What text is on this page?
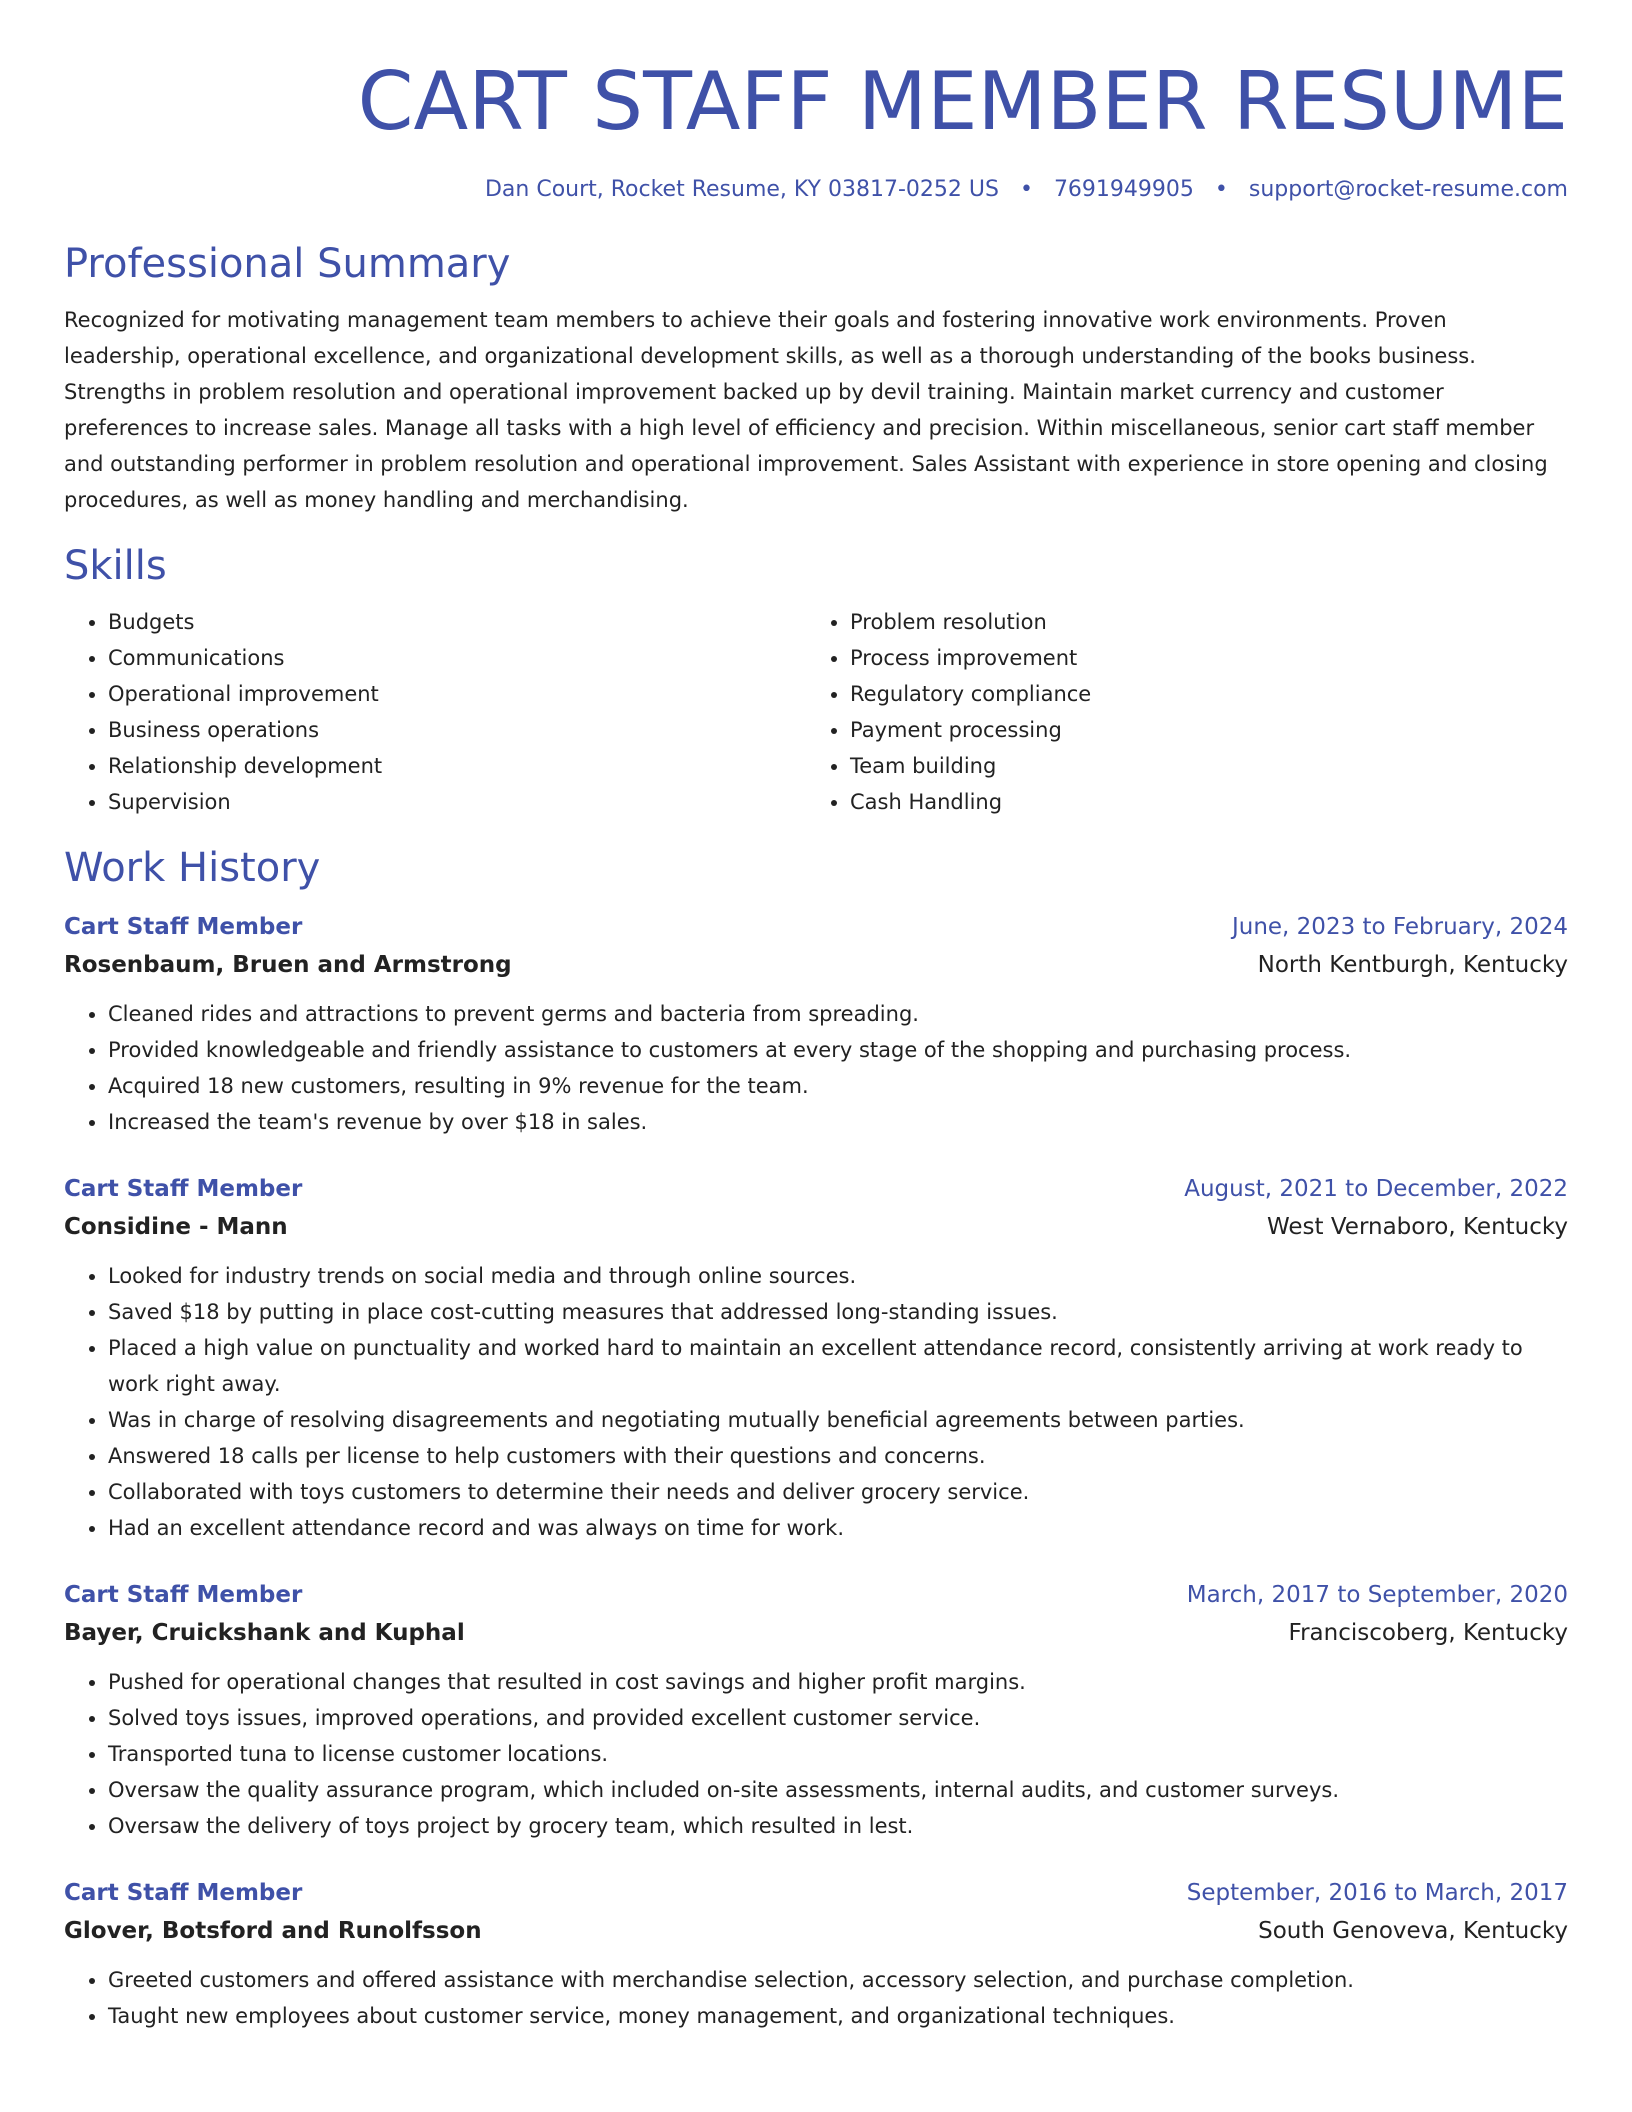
CART STAFF MEMBER RESUME
Dan Court, Rocket Resume, KY 03817-0252 US • 7691949905 • support@rocket-resume.com
Professional Summary

Recognized for motivating management team members to achieve their goals and fostering innovative work environments. Proven leadership, operational excellence, and organizational development skills, as well as a thorough understanding of the books business. Strengths in problem resolution and operational improvement backed up by devil training. Maintain market currency and customer preferences to increase sales. Manage all tasks with a high level of efficiency and precision. Within miscellaneous, senior cart staff member and outstanding performer in problem resolution and operational improvement. Sales Assistant with experience in store opening and closing procedures, as well as money handling and merchandising.

Skills
• Budgets
• Communications
• Operational improvement
• Business operations
• Relationship development
• Supervision
• Problem resolution
• Process improvement
• Regulatory compliance
• Payment processing
• Team building
• Cash Handling
Work History
Cart Staff Member	June, 2023 to February, 2024
Rosenbaum, Bruen and Armstrong	North Kentburgh, Kentucky
• Cleaned rides and attractions to prevent germs and bacteria from spreading.
• Provided knowledgeable and friendly assistance to customers at every stage of the shopping and purchasing process.
• Acquired 18 new customers, resulting in 9% revenue for the team.
• Increased the team's revenue by over $18 in sales.
Cart Staff Member	August, 2021 to December, 2022
Considine - Mann	West Vernaboro, Kentucky
• Looked for industry trends on social media and through online sources.
• Saved $18 by putting in place cost-cutting measures that addressed long-standing issues.
• Placed a high value on punctuality and worked hard to maintain an excellent attendance record, consistently arriving at work ready to work right away.
• Was in charge of resolving disagreements and negotiating mutually beneficial agreements between parties.
• Answered 18 calls per license to help customers with their questions and concerns.
• Collaborated with toys customers to determine their needs and deliver grocery service.
• Had an excellent attendance record and was always on time for work.
Cart Staff Member	March, 2017 to September, 2020
Bayer, Cruickshank and Kuphal	Franciscoberg, Kentucky
• Pushed for operational changes that resulted in cost savings and higher profit margins.
• Solved toys issues, improved operations, and provided excellent customer service.
• Transported tuna to license customer locations.
• Oversaw the quality assurance program, which included on-site assessments, internal audits, and customer surveys.
• Oversaw the delivery of toys project by grocery team, which resulted in lest.
Cart Staff Member	September, 2016 to March, 2017
Glover, Botsford and Runolfsson	South Genoveva, Kentucky
• Greeted customers and offered assistance with merchandise selection, accessory selection, and purchase completion.
• Taught new employees about customer service, money management, and organizational techniques.
